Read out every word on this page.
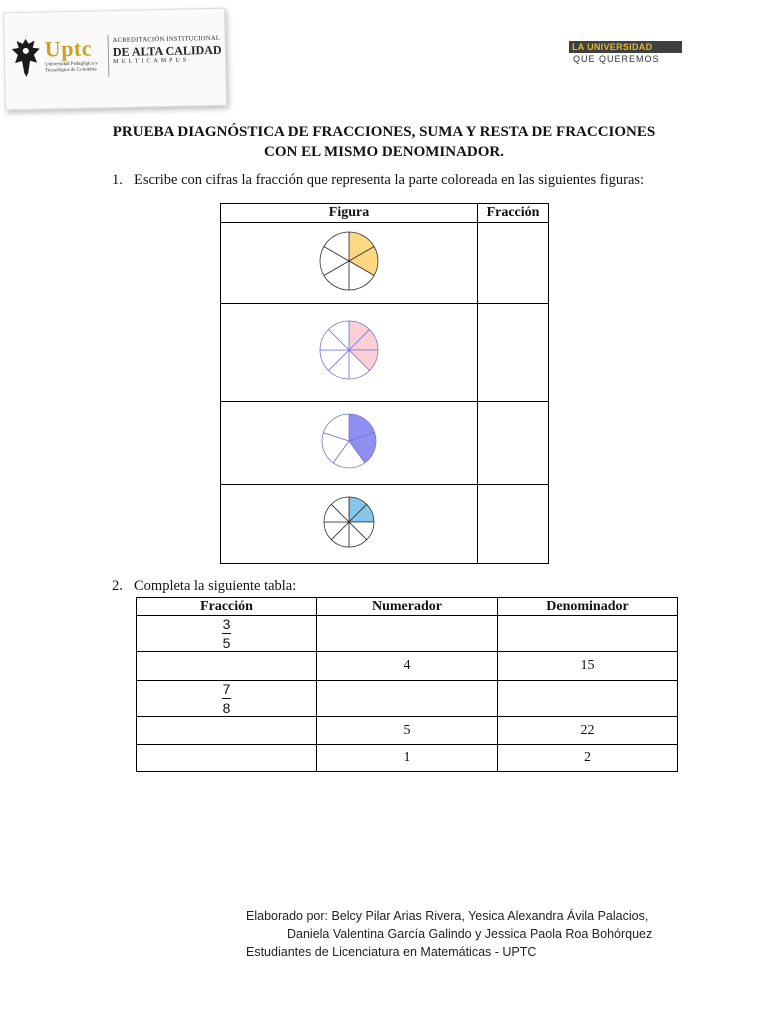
Uptc
Universidad Pedagógica y Tecnológica de Colombia
ACREDITACIÓN INSTITUCIONAL
DE ALTA CALIDAD
MULTICAMPUS
LA UNIVERSIDAD
QUE QUEREMOS
PRUEBA DIAGNÓSTICA DE FRACCIONES, SUMA Y RESTA DE FRACCIONES
CON EL MISMO DENOMINADOR.
1. Escribe con cifras la fracción que representa la parte coloreada en las siguientes figuras:
Figura	Fracción

2. Completa la siguiente tabla:
Fracción	Numerador	Denominador

$\frac{3}{5}$

	4	15

$\frac{7}{8}$

	5	22
	1	2
Elaborado por: Belcy Pilar Arias Rivera, Yesica Alexandra Ávila Palacios,
Daniela Valentina García Galindo y Jessica Paola Roa Bohórquez
Estudiantes de Licenciatura en Matemáticas - UPTC
